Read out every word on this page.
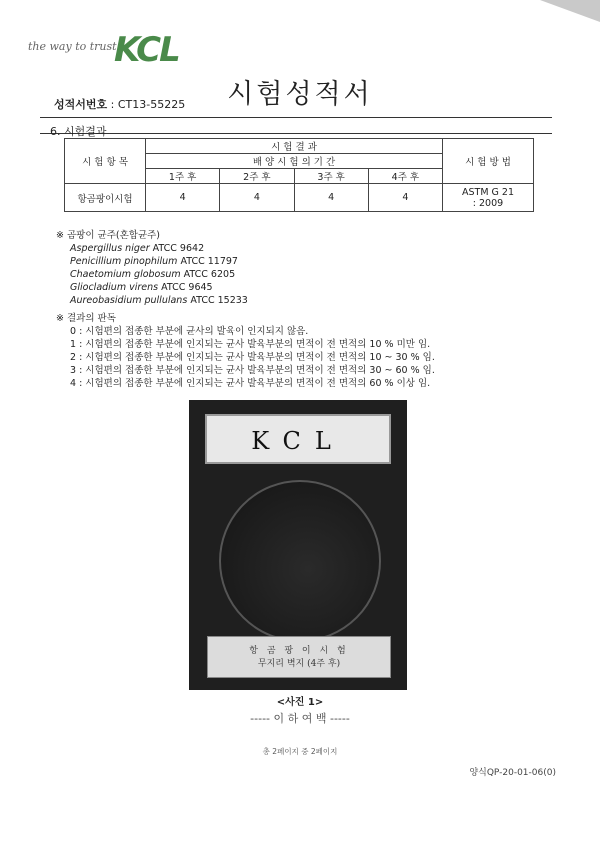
the way to trust
KCL
시험성적서
성적서번호 : CT13-55225
6. 시험결과
시 험 항 목	시 험 결 과				시 험 방 법
	배 양 시 험 의 기 간				
	1주 후	2주 후	3주 후	4주 후	
항곰팡이시험	4	4	4	4	ASTM G 21
: 2009
※ 곰팡이 균주(혼합균주)
Aspergillus niger ATCC 9642
Penicillium pinophilum ATCC 11797
Chaetomium globosum ATCC 6205
Gliocladium virens ATCC 9645
Aureobasidium pullulans ATCC 15233
※ 결과의 판독
0 : 시험편의 접종한 부분에 균사의 발육이 인지되지 않음.
1 : 시험편의 접종한 부분에 인지되는 균사 발육부분의 면적이 전 면적의 10 % 미만 임.
2 : 시험편의 접종한 부분에 인지되는 균사 발육부분의 면적이 전 면적의 10 ~ 30 % 임.
3 : 시험편의 접종한 부분에 인지되는 균사 발육부분의 면적이 전 면적의 30 ~ 60 % 임.
4 : 시험편의 접종한 부분에 인지되는 균사 발육부분의 면적이 전 면적의 60 % 이상 임.
KCL
항 곰 팡 이 시 험
무지리 벽지 (4주 후)
<사진 1>
----- 이 하 여 백 -----
총 2페이지 중 2페이지
양식QP-20-01-06(0)
